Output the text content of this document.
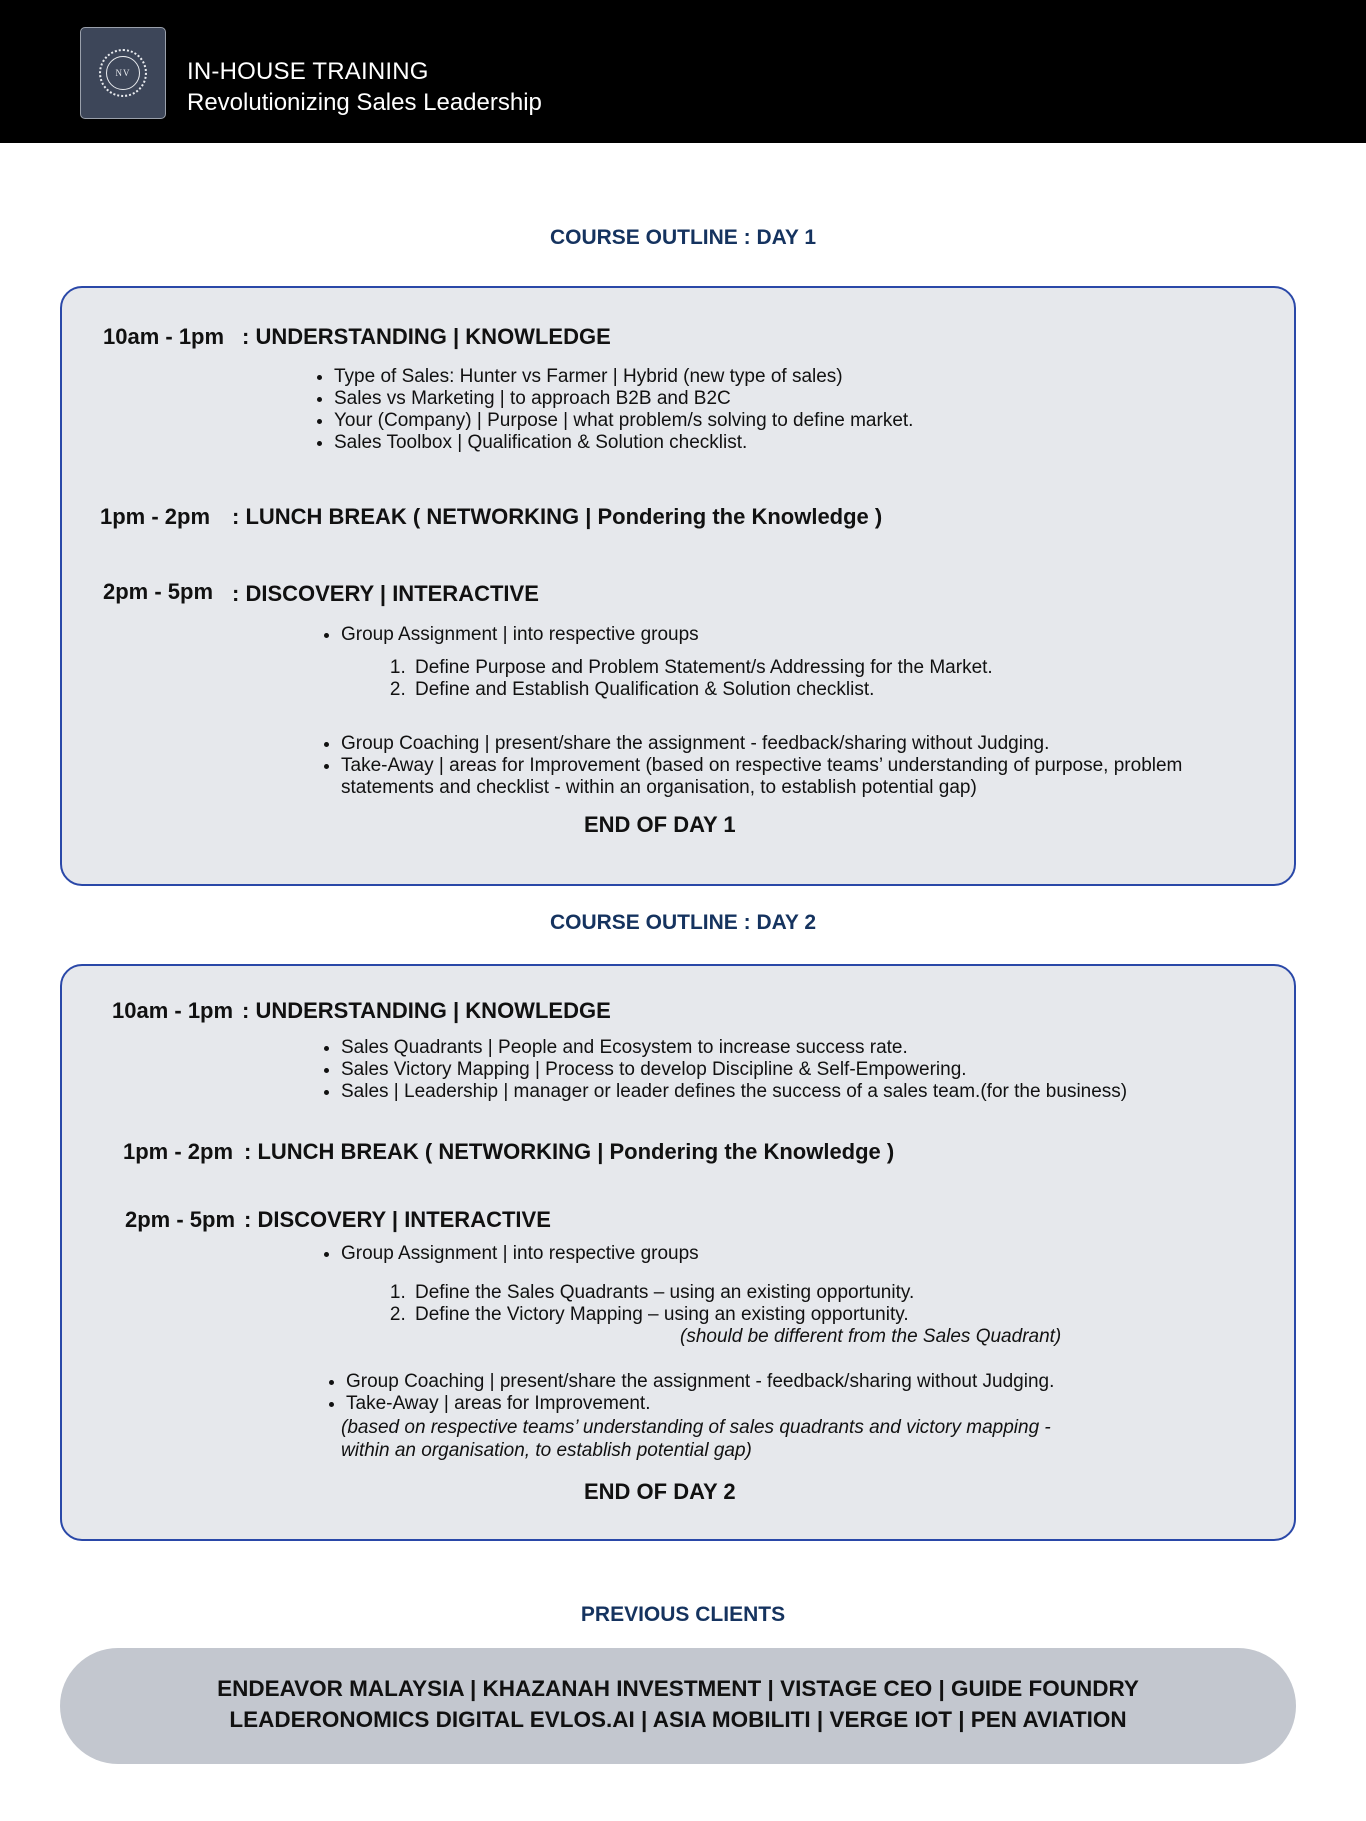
NV	IN-HOUSE TRAINING
Revolutionizing Sales Leadership
COURSE OUTLINE : DAY 1
10am - 1pm : UNDERSTANDING | KNOWLEDGE
• Type of Sales: Hunter vs Farmer | Hybrid (new type of sales)
• Sales vs Marketing | to approach B2B and B2C
• Your (Company) | Purpose | what problem/s solving to define market.
• Sales Toolbox | Qualification & Solution checklist.
1pm - 2pm : LUNCH BREAK ( NETWORKING | Pondering the Knowledge )
2pm - 5pm : DISCOVERY | INTERACTIVE
• Group Assignment | into respective groups
1. Define Purpose and Problem Statement/s Addressing for the Market.
2. Define and Establish Qualification & Solution checklist.
• Group Coaching | present/share the assignment - feedback/sharing without Judging.
• Take-Away | areas for Improvement (based on respective teams’ understanding of purpose, problem
statements and checklist - within an organisation, to establish potential gap)
END OF DAY 1
COURSE OUTLINE : DAY 2
10am - 1pm : UNDERSTANDING | KNOWLEDGE
• Sales Quadrants | People and Ecosystem to increase success rate.
• Sales Victory Mapping | Process to develop Discipline & Self-Empowering.
• Sales | Leadership | manager or leader defines the success of a sales team.(for the business)
1pm - 2pm : LUNCH BREAK ( NETWORKING | Pondering the Knowledge )
2pm - 5pm : DISCOVERY | INTERACTIVE
• Group Assignment | into respective groups
1. Define the Sales Quadrants – using an existing opportunity.
2. Define the Victory Mapping – using an existing opportunity.
(should be different from the Sales Quadrant)
• Group Coaching | present/share the assignment - feedback/sharing without Judging.
• Take-Away | areas for Improvement.
(based on respective teams’ understanding of sales quadrants and victory mapping -
within an organisation, to establish potential gap)
END OF DAY 2
PREVIOUS CLIENTS
ENDEAVOR MALAYSIA | KHAZANAH INVESTMENT | VISTAGE CEO | GUIDE FOUNDRY
LEADERONOMICS DIGITAL EVLOS.AI | ASIA MOBILITI | VERGE IOT | PEN AVIATION
